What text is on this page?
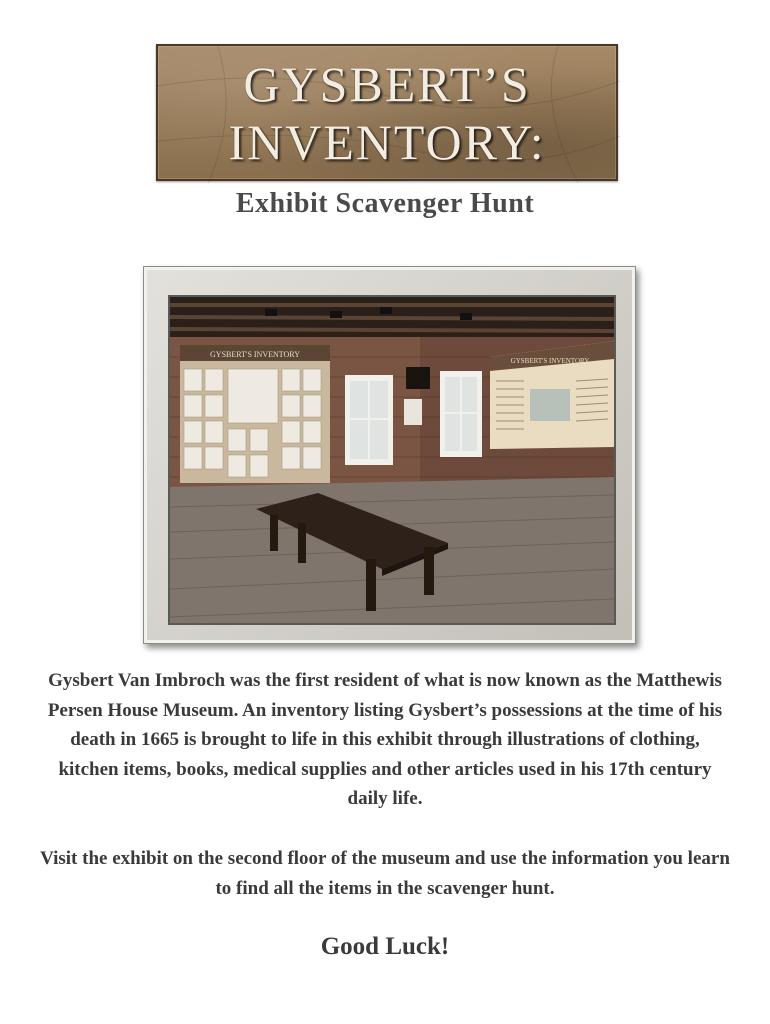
GYSBERT’S
INVENTORY:
Exhibit Scavenger Hunt
GYSBERT'S INVENTORY
GYSBERT'S INVENTORY
Gysbert Van Imbroch was the first resident of what is now known as the Matthewis Persen House Museum. An inventory listing Gysbert’s possessions at the time of his death in 1665 is brought to life in this exhibit through illustrations of clothing, kitchen items, books, medical supplies and other articles used in his 17th century daily life.
Visit the exhibit on the second floor of the museum and use the information you learn to find all the items in the scavenger hunt.
Good Luck!
